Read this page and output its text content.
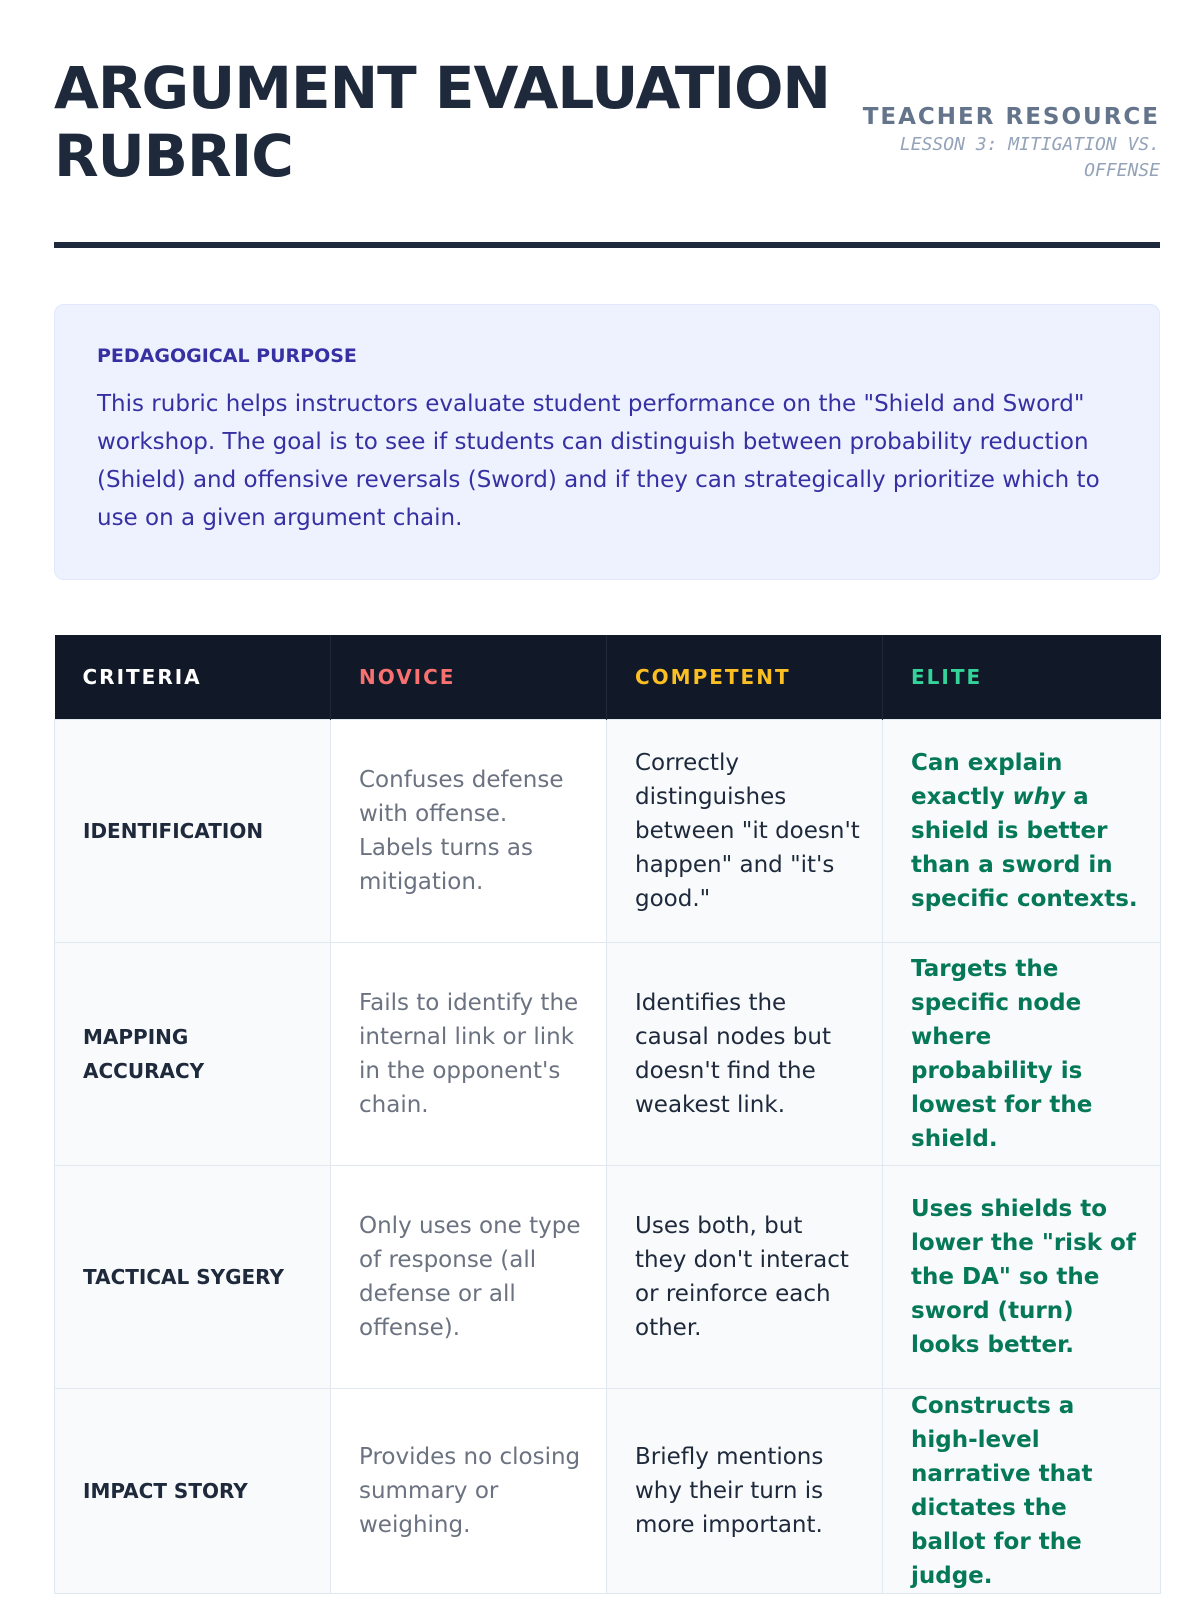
ARGUMENT EVALUATION RUBRIC
TEACHER RESOURCE
LESSON 3: MITIGATION VS. OFFENSE
PEDAGOGICAL PURPOSE

This rubric helps instructors evaluate student performance on the "Shield and Sword" workshop. The goal is to see if students can distinguish between probability reduction (Shield) and offensive reversals (Sword) and if they can strategically prioritize which to use on a given argument chain.

CRITERIA	NOVICE	COMPETENT	ELITE
IDENTIFICATION	Confuses defense with offense. Labels turns as mitigation.	Correctly distinguishes between "it doesn't happen" and "it's good."	Can explain exactly why a shield is better than a sword in specific contexts.
MAPPING ACCURACY	Fails to identify the internal link or link in the opponent's chain.	Identifies the causal nodes but doesn't find the weakest link.	Targets the specific node where probability is lowest for the shield.
TACTICAL SYGERY	Only uses one type of response (all defense or all offense).	Uses both, but they don't interact or reinforce each other.	Uses shields to lower the "risk of the DA" so the sword (turn) looks better.
IMPACT STORY	Provides no closing summary or weighing.	Briefly mentions why their turn is more important.	Constructs a high-level narrative that dictates the ballot for the judge.
